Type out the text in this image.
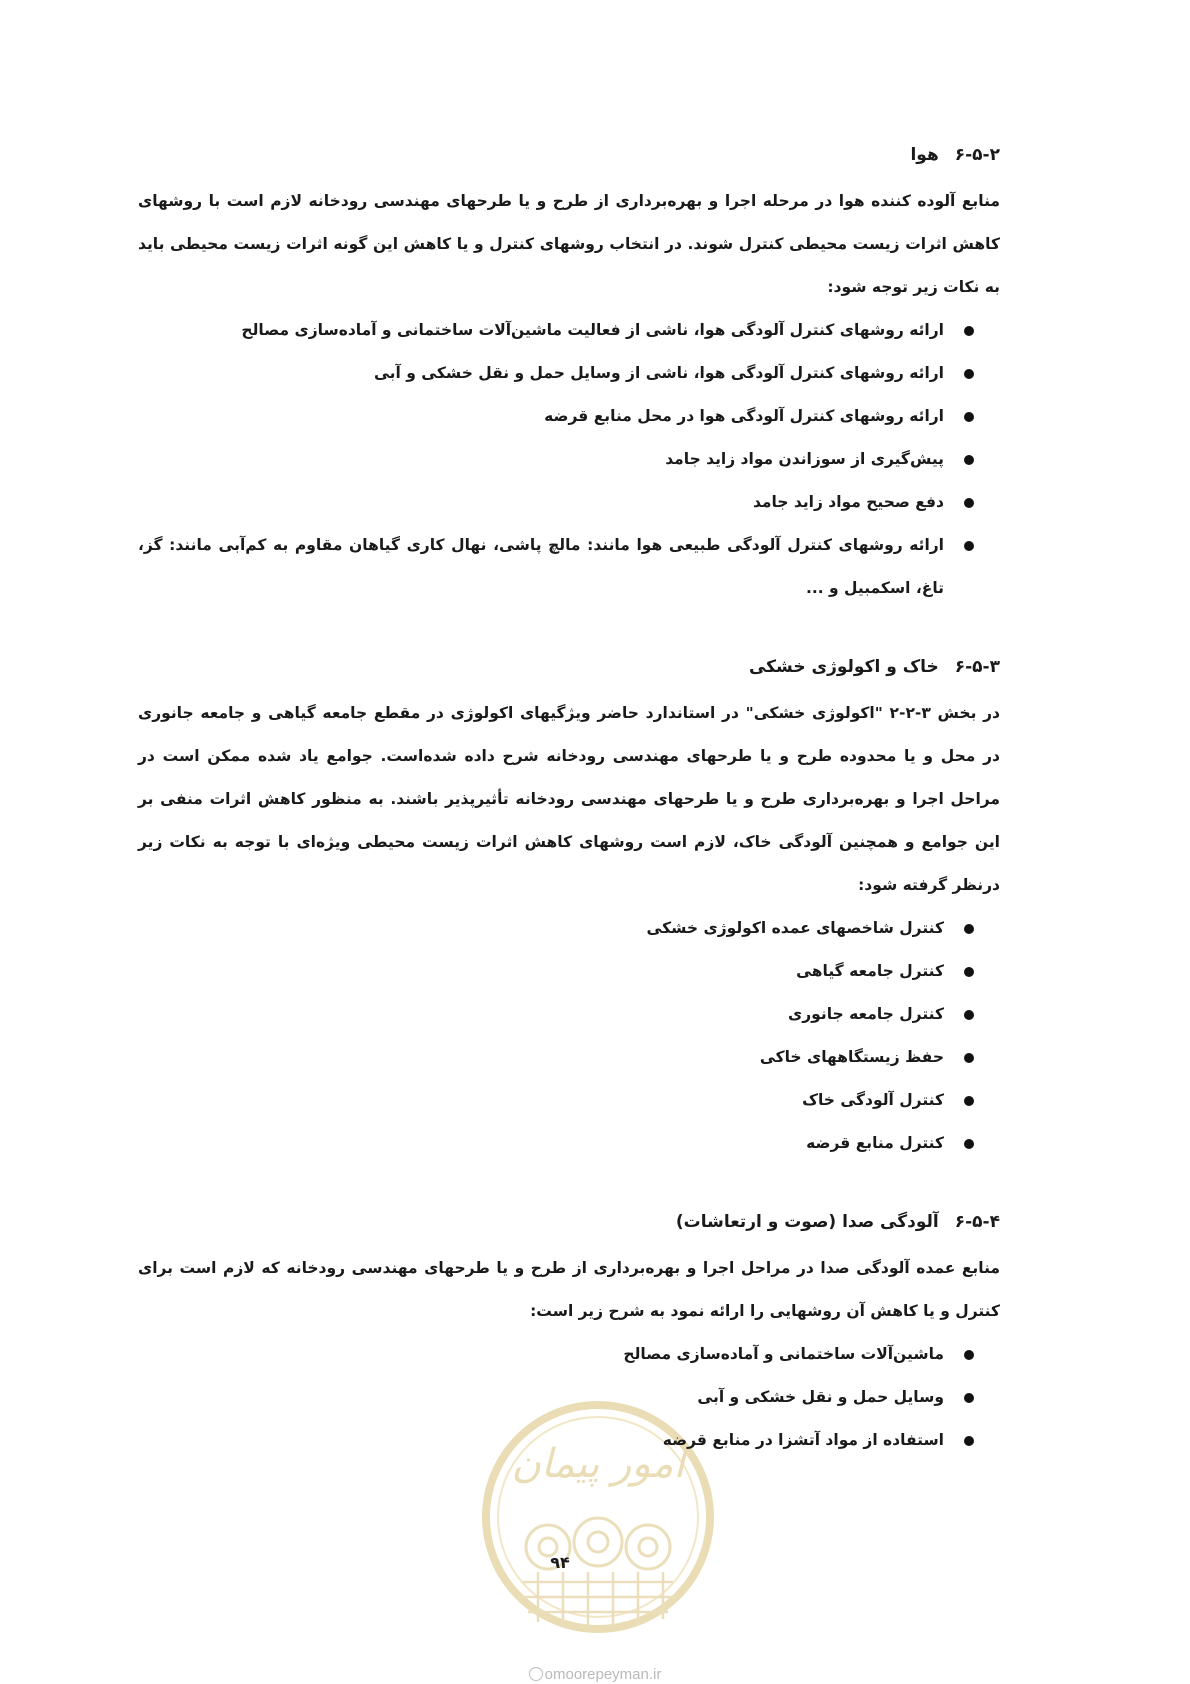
امور پیمان
۶-۵-۲هوا

منابع آلوده کننده هوا در مرحله اجرا و بهره‌برداری از طرح و یا طرحهای مهندسی رودخانه لازم است با روشهای کاهش اثرات زیست محیطی کنترل شوند. در انتخاب روشهای کنترل و یا کاهش این گونه اثرات زیست محیطی باید به نکات زیر توجه شود:

ارائه روشهای کنترل آلودگی هوا، ناشی از فعالیت ماشین‌آلات ساختمانی و آماده‌سازی مصالح
ارائه روشهای کنترل آلودگی هوا، ناشی از وسایل حمل و نقل خشکی و آبی
ارائه روشهای کنترل آلودگی هوا در محل منابع قرضه
پیش‌گیری از سوزاندن مواد زاید جامد
دفع صحیح مواد زاید جامد
ارائه روشهای کنترل آلودگی طبیعی هوا مانند: مالچ پاشی، نهال کاری گیاهان مقاوم به کم‌آبی مانند: گز، تاغ، اسکمبیل و ...
۶-۵-۳خاک و اکولوژی خشکی

در بخش ۳-۲-۲ "اکولوژی خشکی" در استاندارد حاضر ویژگیهای اکولوژی در مقطع جامعه گیاهی و جامعه جانوری در محل و یا محدوده طرح و یا طرحهای مهندسی رودخانه شرح داده شده‌است. جوامع یاد شده ممکن است در مراحل اجرا و بهره‌برداری طرح و یا طرحهای مهندسی رودخانه تأثیرپذیر باشند. به منظور کاهش اثرات منفی بر این جوامع و همچنین آلودگی خاک، لازم است روشهای کاهش اثرات زیست محیطی ویژه‌ای با توجه به نکات زیر درنظر گرفته شود:

کنترل شاخصهای عمده اکولوژی خشکی
کنترل جامعه گیاهی
کنترل جامعه جانوری
حفظ زیستگاههای خاکی
کنترل آلودگی خاک
کنترل منابع قرضه
۶-۵-۴آلودگی صدا (صوت و ارتعاشات)

منابع عمده آلودگی صدا در مراحل اجرا و بهره‌برداری از طرح و یا طرحهای مهندسی رودخانه که لازم است برای کنترل و یا کاهش آن روشهایی را ارائه نمود به شرح زیر است:

ماشین‌آلات ساختمانی و آماده‌سازی مصالح
وسایل حمل و نقل خشکی و آبی
استفاده از مواد آتشزا در منابع قرضه
۹۴
omoorepeyman.ir
